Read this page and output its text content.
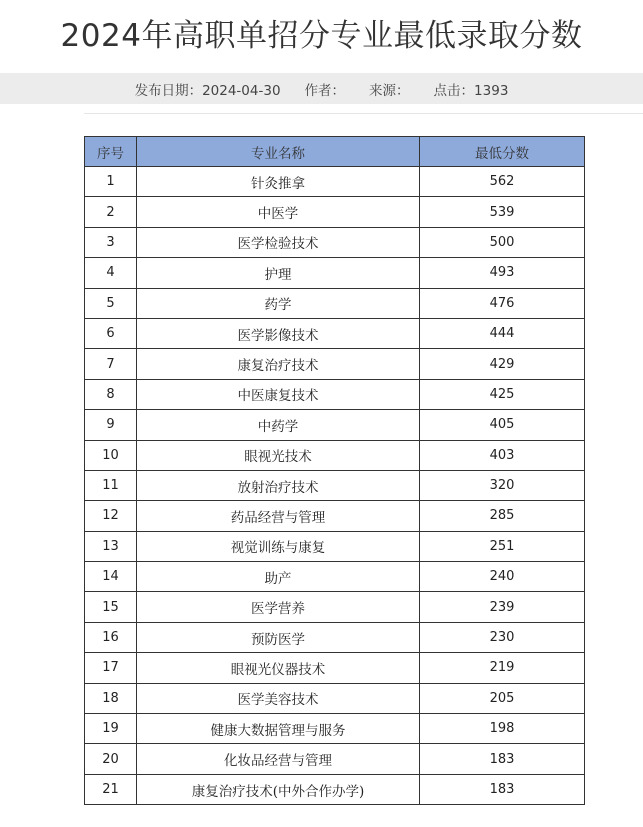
2024年高职单招分专业最低录取分数
发布日期：2024-04-30 作者： 来源： 点击：1393
序号	专业名称	最低分数
1	针灸推拿	562
2	中医学	539
3	医学检验技术	500
4	护理	493
5	药学	476
6	医学影像技术	444
7	康复治疗技术	429
8	中医康复技术	425
9	中药学	405
10	眼视光技术	403
11	放射治疗技术	320
12	药品经营与管理	285
13	视觉训练与康复	251
14	助产	240
15	医学营养	239
16	预防医学	230
17	眼视光仪器技术	219
18	医学美容技术	205
19	健康大数据管理与服务	198
20	化妆品经营与管理	183
21	康复治疗技术(中外合作办学)	183
